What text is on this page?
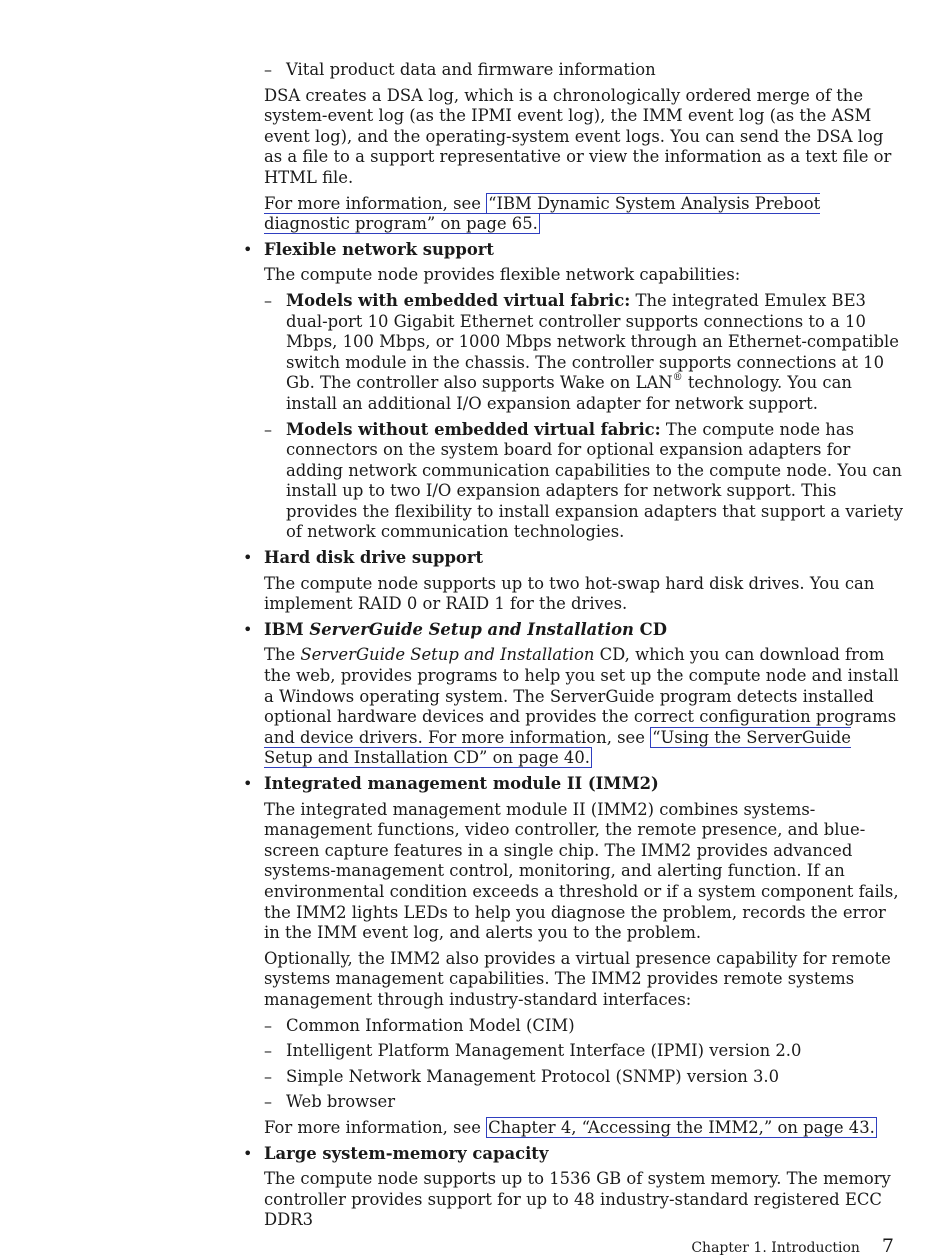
– Vital product data and firmware information

DSA creates a DSA log, which is a chronologically ordered merge of the system-event log (as the IPMI event log), the IMM event log (as the ASM event log), and the operating-system event logs. You can send the DSA log as a file to a support representative or view the information as a text file or HTML file.

For more information, see “IBM Dynamic System Analysis Preboot diagnostic program” on page 65.

• Flexible network support

The compute node provides flexible network capabilities:

– Models with embedded virtual fabric: The integrated Emulex BE3 dual-port 10 Gigabit Ethernet controller supports connections to a 10 Mbps, 100 Mbps, or 1000 Mbps network through an Ethernet-compatible switch module in the chassis. The controller supports connections at 10 Gb. The controller also supports Wake on LAN® technology. You can install an additional I/O expansion adapter for network support.

– Models without embedded virtual fabric: The compute node has connectors on the system board for optional expansion adapters for adding network communication capabilities to the compute node. You can install up to two I/O expansion adapters for network support. This provides the flexibility to install expansion adapters that support a variety of network communication technologies.

• Hard disk drive support

The compute node supports up to two hot-swap hard disk drives. You can implement RAID 0 or RAID 1 for the drives.

• IBM ServerGuide Setup and Installation CD

The ServerGuide Setup and Installation CD, which you can download from the web, provides programs to help you set up the compute node and install a Windows operating system. The ServerGuide program detects installed optional hardware devices and provides the correct configuration programs and device drivers. For more information, see “Using the ServerGuide Setup and Installation CD” on page 40.

• Integrated management module II (IMM2)

The integrated management module II (IMM2) combines systems-management functions, video controller, the remote presence, and blue-screen capture features in a single chip. The IMM2 provides advanced systems-management control, monitoring, and alerting function. If an environmental condition exceeds a threshold or if a system component fails, the IMM2 lights LEDs to help you diagnose the problem, records the error in the IMM event log, and alerts you to the problem.

Optionally, the IMM2 also provides a virtual presence capability for remote systems management capabilities. The IMM2 provides remote systems management through industry-standard interfaces:

– Common Information Model (CIM)

– Intelligent Platform Management Interface (IPMI) version 2.0

– Simple Network Management Protocol (SNMP) version 3.0

– Web browser

For more information, see Chapter 4, “Accessing the IMM2,” on page 43.

• Large system-memory capacity

The compute node supports up to 1536 GB of system memory. The memory controller provides support for up to 48 industry-standard registered ECC DDR3

Chapter 1. Introduction 7
